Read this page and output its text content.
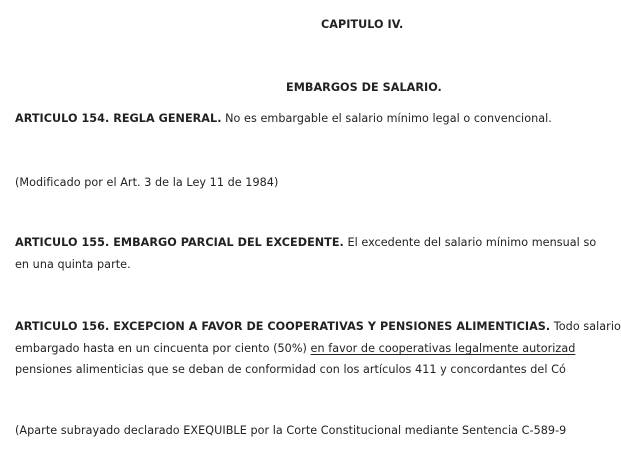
CAPITULO IV.
EMBARGOS DE SALARIO.
ARTICULO 154. REGLA GENERAL. No es embargable el salario mínimo legal o convencional.
(Modificado por el Art. 3 de la Ley 11 de 1984)
ARTICULO 155. EMBARGO PARCIAL DEL EXCEDENTE. El excedente del salario mínimo mensual so
en una quinta parte.
ARTICULO 156. EXCEPCION A FAVOR DE COOPERATIVAS Y PENSIONES ALIMENTICIAS. Todo salario
embargado hasta en un cincuenta por ciento (50%) en favor de cooperativas legalmente autorizad
pensiones alimenticias que se deban de conformidad con los artículos 411 y concordantes del Có
(Aparte subrayado declarado EXEQUIBLE por la Corte Constitucional mediante Sentencia C-589-9
